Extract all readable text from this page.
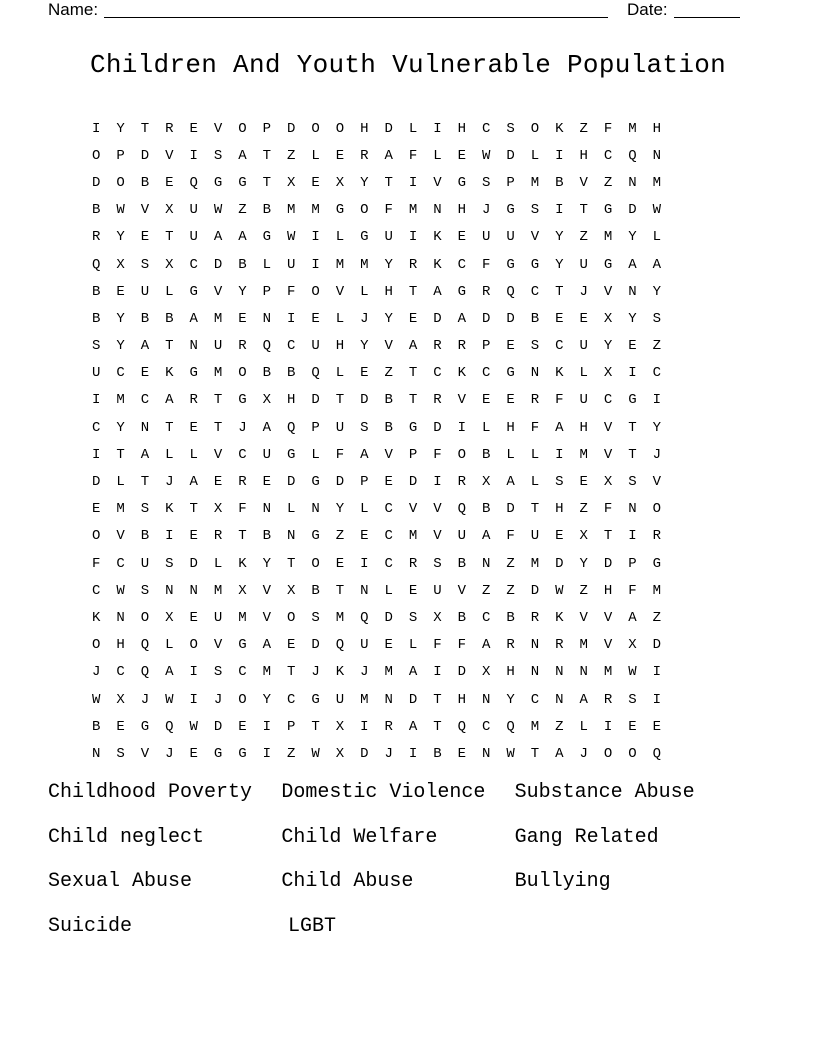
Name:	Date:
Children And Youth Vulnerable Population
I	Y	T	R	E	V	O	P	D	O	O	H	D	L	I	H	C	S	O	K	Z	F	M	H
O	P	D	V	I	S	A	T	Z	L	E	R	A	F	L	E	W	D	L	I	H	C	Q	N
D	O	B	E	Q	G	G	T	X	E	X	Y	T	I	V	G	S	P	M	B	V	Z	N	M
B	W	V	X	U	W	Z	B	M	M	G	O	F	M	N	H	J	G	S	I	T	G	D	W
R	Y	E	T	U	A	A	G	W	I	L	G	U	I	K	E	U	U	V	Y	Z	M	Y	L
Q	X	S	X	C	D	B	L	U	I	M	M	Y	R	K	C	F	G	G	Y	U	G	A	A
B	E	U	L	G	V	Y	P	F	O	V	L	H	T	A	G	R	Q	C	T	J	V	N	Y
B	Y	B	B	A	M	E	N	I	E	L	J	Y	E	D	A	D	D	B	E	E	X	Y	S
S	Y	A	T	N	U	R	Q	C	U	H	Y	V	A	R	R	P	E	S	C	U	Y	E	Z
U	C	E	K	G	M	O	B	B	Q	L	E	Z	T	C	K	C	G	N	K	L	X	I	C
I	M	C	A	R	T	G	X	H	D	T	D	B	T	R	V	E	E	R	F	U	C	G	I
C	Y	N	T	E	T	J	A	Q	P	U	S	B	G	D	I	L	H	F	A	H	V	T	Y
I	T	A	L	L	V	C	U	G	L	F	A	V	P	F	O	B	L	L	I	M	V	T	J
D	L	T	J	A	E	R	E	D	G	D	P	E	D	I	R	X	A	L	S	E	X	S	V
E	M	S	K	T	X	F	N	L	N	Y	L	C	V	V	Q	B	D	T	H	Z	F	N	O
O	V	B	I	E	R	T	B	N	G	Z	E	C	M	V	U	A	F	U	E	X	T	I	R
F	C	U	S	D	L	K	Y	T	O	E	I	C	R	S	B	N	Z	M	D	Y	D	P	G
C	W	S	N	N	M	X	V	X	B	T	N	L	E	U	V	Z	Z	D	W	Z	H	F	M
K	N	O	X	E	U	M	V	O	S	M	Q	D	S	X	B	C	B	R	K	V	V	A	Z
O	H	Q	L	O	V	G	A	E	D	Q	U	E	L	F	F	A	R	N	R	M	V	X	D
J	C	Q	A	I	S	C	M	T	J	K	J	M	A	I	D	X	H	N	N	N	M	W	I
W	X	J	W	I	J	O	Y	C	G	U	M	N	D	T	H	N	Y	C	N	A	R	S	I
B	E	G	Q	W	D	E	I	P	T	X	I	R	A	T	Q	C	Q	M	Z	L	I	E	E
N	S	V	J	E	G	G	I	Z	W	X	D	J	I	B	E	N	W	T	A	J	O	O	Q
Childhood Poverty	Domestic Violence	Substance Abuse
Child neglect	Child Welfare	Gang Related
Sexual Abuse	Child Abuse	Bullying
Suicide	LGBT
